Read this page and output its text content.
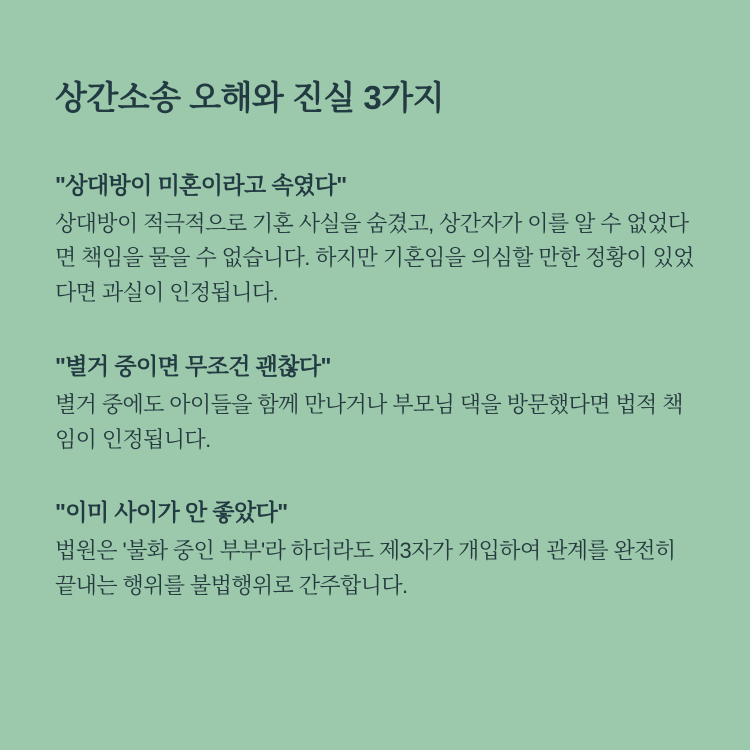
상간소송 오해와 진실 3가지
"상대방이 미혼이라고 속였다"

상대방이 적극적으로 기혼 사실을 숨겼고, 상간자가 이를 알 수 없었다면 책임을 물을 수 없습니다. 하지만 기혼임을 의심할 만한 정황이 있었다면 과실이 인정됩니다.

"별거 중이면 무조건 괜찮다"

별거 중에도 아이들을 함께 만나거나 부모님 댁을 방문했다면 법적 책임이 인정됩니다.

"이미 사이가 안 좋았다"

법원은 '불화 중인 부부'라 하더라도 제3자가 개입하여 관계를 완전히 끝내는 행위를 불법행위로 간주합니다.
